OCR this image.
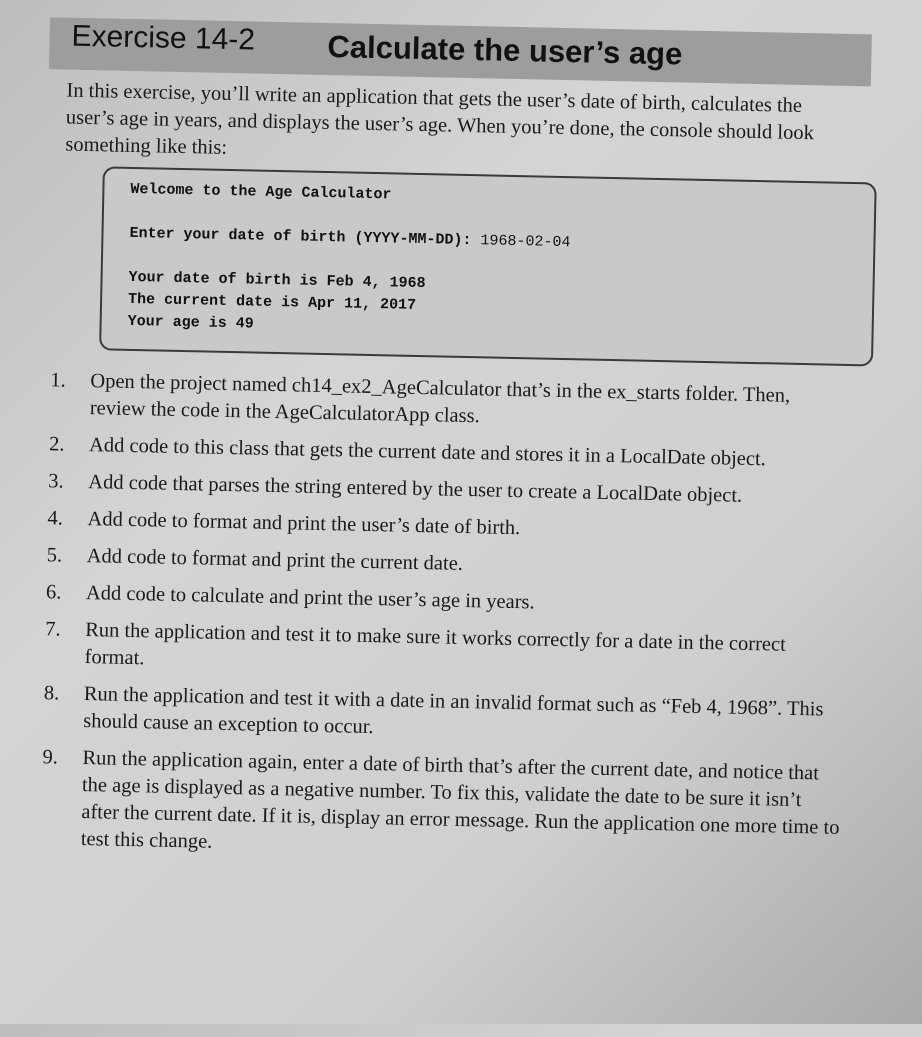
Exercise 14-2 Calculate the user’s age
In this exercise, you’ll write an application that gets the user’s date of birth, calculates the user’s age in years, and displays the user’s age. When you’re done, the console should look something like this:
Welcome to the Age Calculator
Enter your date of birth (YYYY-MM-DD): 1968-02-04
Your date of birth is Feb 4, 1968
The current date is Apr 11, 2017
Your age is 49
1.	Open the project named ch14_ex2_AgeCalculator that’s in the ex_starts folder. Then, review the code in the AgeCalculatorApp class.
2.	Add code to this class that gets the current date and stores it in a LocalDate object.
3.	Add code that parses the string entered by the user to create a LocalDate object.
4.	Add code to format and print the user’s date of birth.
5.	Add code to format and print the current date.
6.	Add code to calculate and print the user’s age in years.
7.	Run the application and test it to make sure it works correctly for a date in the correct format.
8.	Run the application and test it with a date in an invalid format such as “Feb 4, 1968”. This should cause an exception to occur.
9.	Run the application again, enter a date of birth that’s after the current date, and notice that the age is displayed as a negative number. To fix this, validate the date to be sure it isn’t after the current date. If it is, display an error message. Run the application one more time to test this change.
